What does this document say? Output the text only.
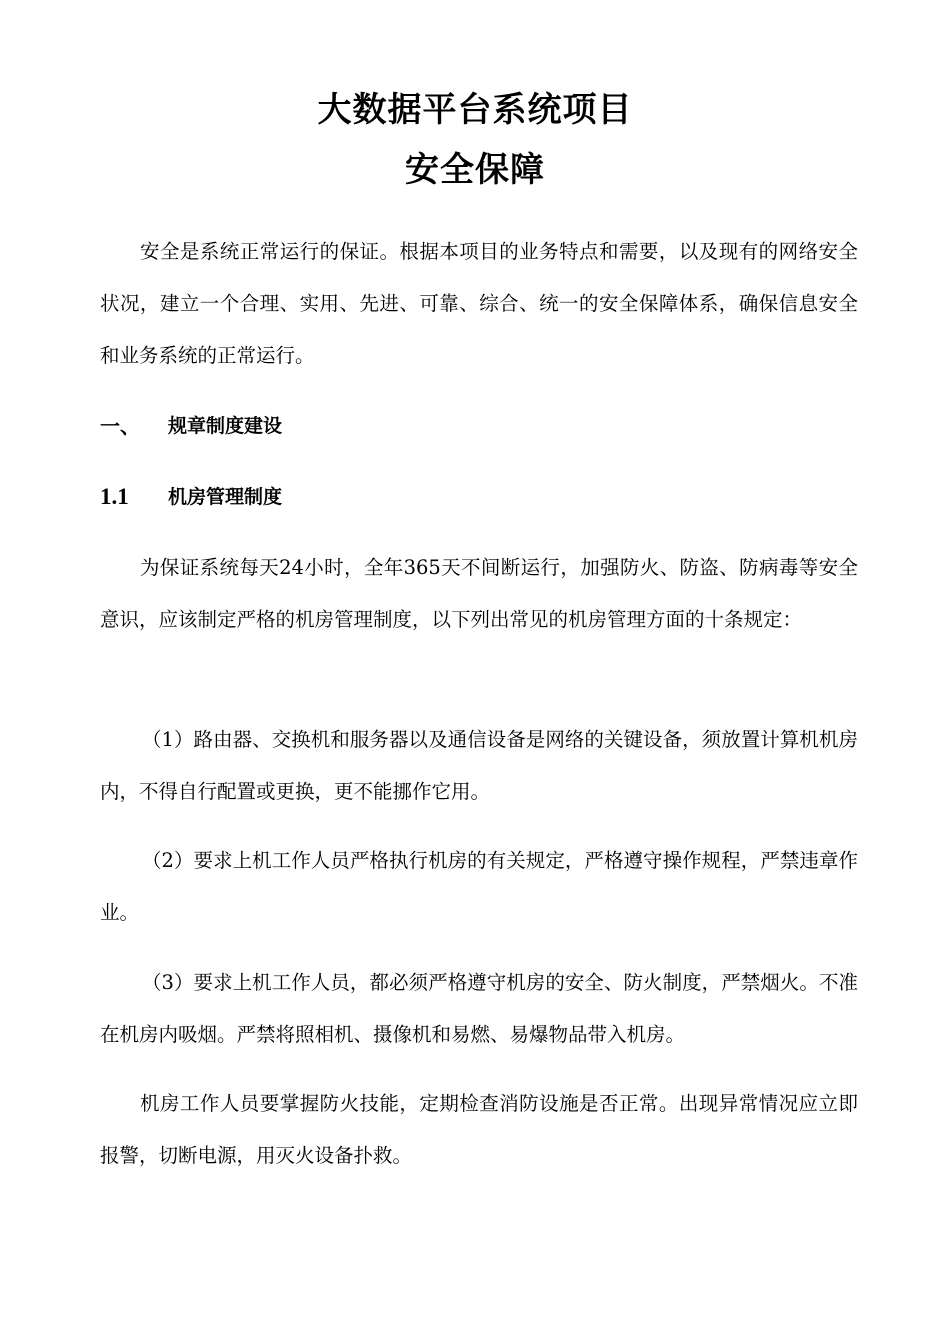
大数据平台系统项目
安全保障

安全是系统正常运行的保证。根据本项目的业务特点和需要，以及现有的网络安全状况，建立一个合理、实用、先进、可靠、综合、统一的安全保障体系，确保信息安全和业务系统的正常运行。

一、 规章制度建设
1.1 机房管理制度

为保证系统每天24小时，全年365天不间断运行，加强防火、防盗、防病毒等安全意识，应该制定严格的机房管理制度，以下列出常见的机房管理方面的十条规定：

（1）路由器、交换机和服务器以及通信设备是网络的关键设备，须放置计算机机房内，不得自行配置或更换，更不能挪作它用。

（2）要求上机工作人员严格执行机房的有关规定，严格遵守操作规程，严禁违章作业。

（3）要求上机工作人员，都必须严格遵守机房的安全、防火制度，严禁烟火。不准在机房内吸烟。严禁将照相机、摄像机和易燃、易爆物品带入机房。

机房工作人员要掌握防火技能，定期检查消防设施是否正常。出现异常情况应立即报警，切断电源，用灭火设备扑救。
